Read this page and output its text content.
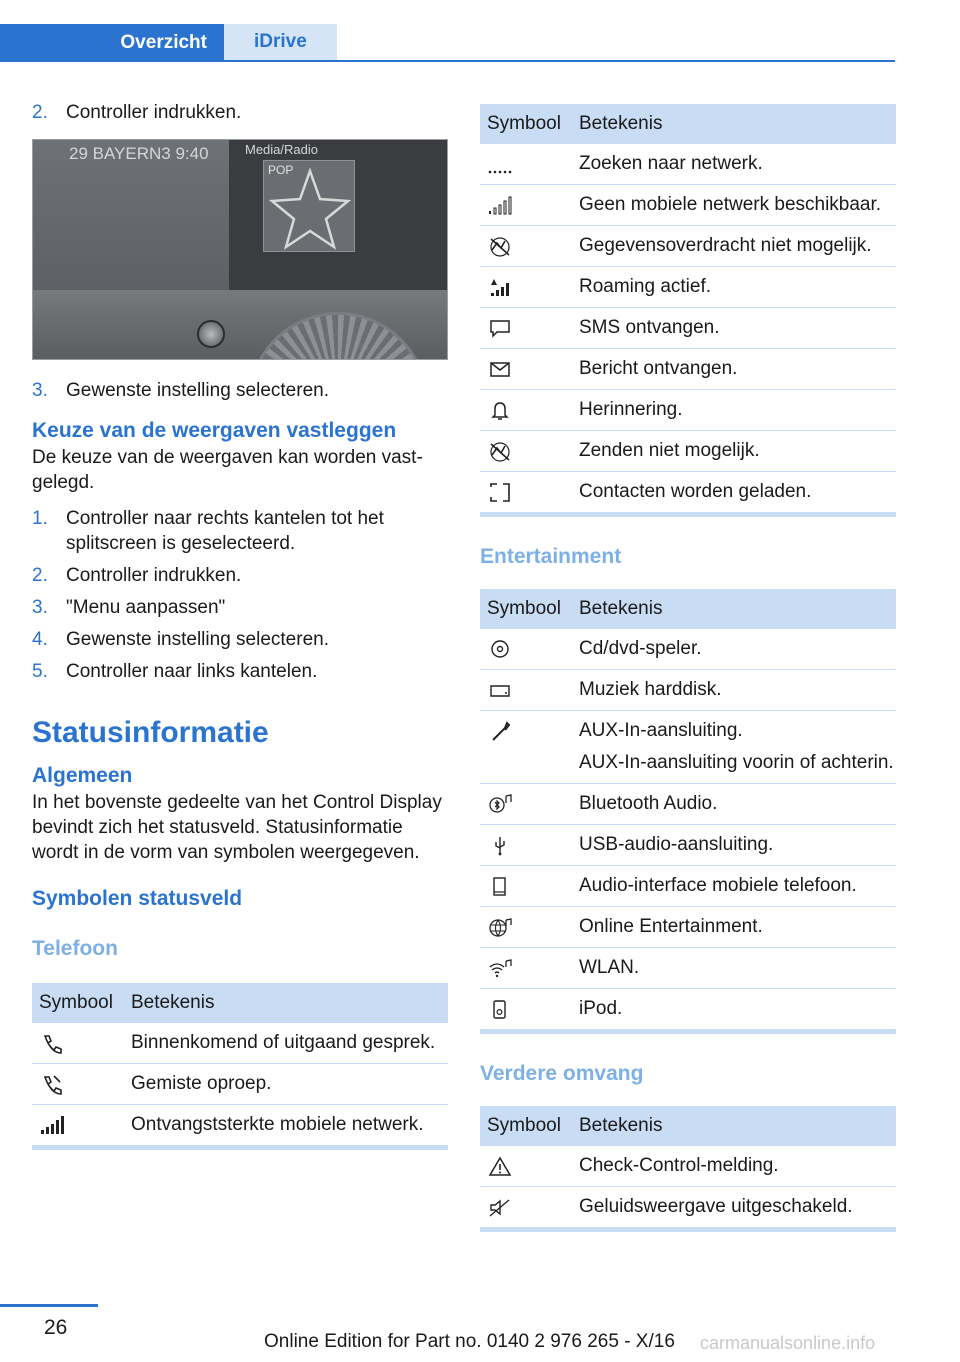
Overzicht	iDrive
2. Controller indrukken.
29 BAYERN3 9:40	Media/Radio
POP
3. Gewenste instelling selecteren.
Keuze van de weergaven vastleggen

De keuze van de weergaven kan worden vastgelegd.

1. Controller naar rechts kantelen tot het splitscreen is geselecteerd.
2. Controller indrukken.
3. "Menu aanpassen"
4. Gewenste instelling selecteren.
5. Controller naar links kantelen.
Statusinformatie
Algemeen

In het bovenste gedeelte van het Control Display bevindt zich het statusveld. Statusinformatie wordt in de vorm van symbolen weergegeven.

Symbolen statusveld
Telefoon
Symbool	Betekenis
	Binnenkomend of uitgaand gesprek.
	Gemiste oproep.
	Ontvangststerkte mobiele netwerk.
Symbool	Betekenis
	Zoeken naar netwerk.
	Geen mobiele netwerk beschikbaar.
	Gegevensoverdracht niet mogelijk.
	Roaming actief.
	SMS ontvangen.
	Bericht ontvangen.
	Herinnering.
	Zenden niet mogelijk.
	Contacten worden geladen.
Entertainment
Symbool	Betekenis
	Cd/dvd-speler.
	Muziek harddisk.
	AUX-In-aansluiting.
AUX-In-aansluiting voorin of achterin.

	Bluetooth Audio.
	USB-audio-aansluiting.
	Audio-interface mobiele telefoon.
	Online Entertainment.
	WLAN.
	iPod.
Verdere omvang
Symbool	Betekenis
	Check-Control-melding.
	Geluidsweergave uitgeschakeld.
26
Online Edition for Part no. 0140 2 976 265 - X/16 carmanualsonline.info
